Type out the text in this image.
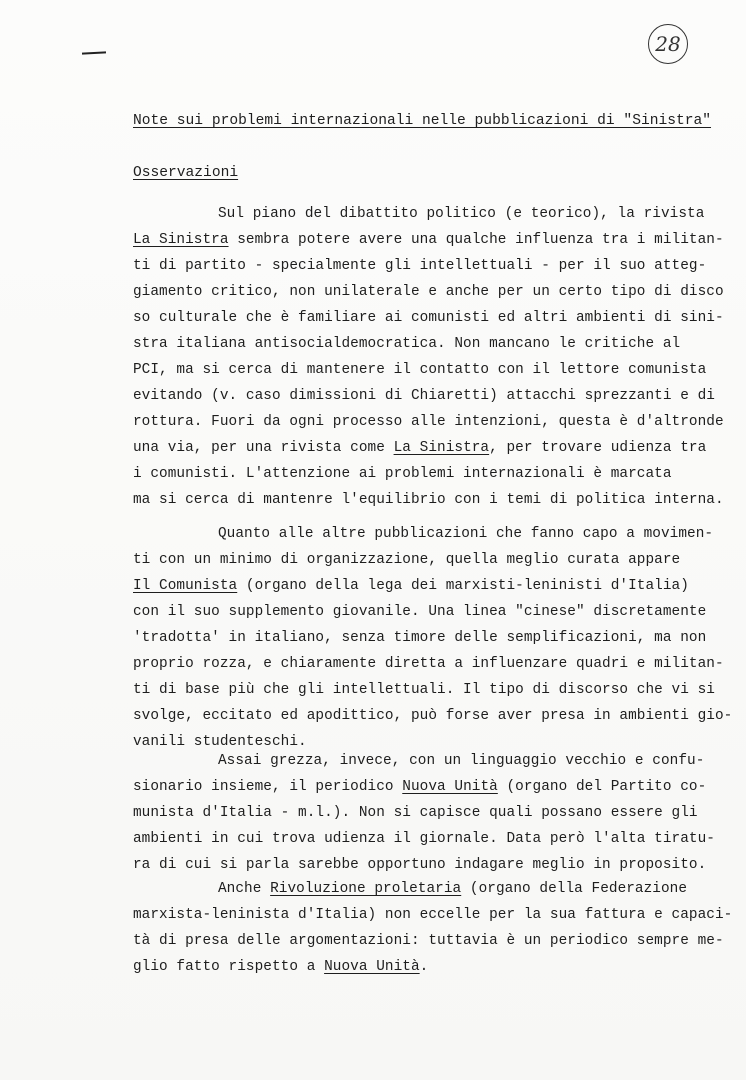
28
Note sui problemi internazionali nelle pubblicazioni di "Sinistra"
Osservazioni
Sul piano del dibattito politico (e teorico), la rivista
La Sinistra sembra potere avere una qualche influenza tra i militan-
ti di partito - specialmente gli intellettuali - per il suo atteg-
giamento critico, non unilaterale e anche per un certo tipo di disco
so culturale che è familiare ai comunisti ed altri ambienti di sini-
stra italiana antisocialdemocratica. Non mancano le critiche al
PCI, ma si cerca di mantenere il contatto con il lettore comunista
evitando (v. caso dimissioni di Chiaretti) attacchi sprezzanti e di
rottura. Fuori da ogni processo alle intenzioni, questa è d'altronde
una via, per una rivista come La Sinistra, per trovare udienza tra
i comunisti. L'attenzione ai problemi internazionali è marcata
ma si cerca di mantenre l'equilibrio con i temi di politica interna.
Quanto alle altre pubblicazioni che fanno capo a movimen-
ti con un minimo di organizzazione, quella meglio curata appare
Il Comunista (organo della lega dei marxisti-leninisti d'Italia)
con il suo supplemento giovanile. Una linea "cinese" discretamente
'tradotta' in italiano, senza timore delle semplificazioni, ma non
proprio rozza, e chiaramente diretta a influenzare quadri e militan-
ti di base più che gli intellettuali. Il tipo di discorso che vi si
svolge, eccitato ed apodittico, può forse aver presa in ambienti gio-
vanili studenteschi.
Assai grezza, invece, con un linguaggio vecchio e confu-
sionario insieme, il periodico Nuova Unità (organo del Partito co-
munista d'Italia - m.l.). Non si capisce quali possano essere gli
ambienti in cui trova udienza il giornale. Data però l'alta tiratu-
ra di cui si parla sarebbe opportuno indagare meglio in proposito.
Anche Rivoluzione proletaria (organo della Federazione
marxista-leninista d'Italia) non eccelle per la sua fattura e capaci-
tà di presa delle argomentazioni: tuttavia è un periodico sempre me-
glio fatto rispetto a Nuova Unità.
